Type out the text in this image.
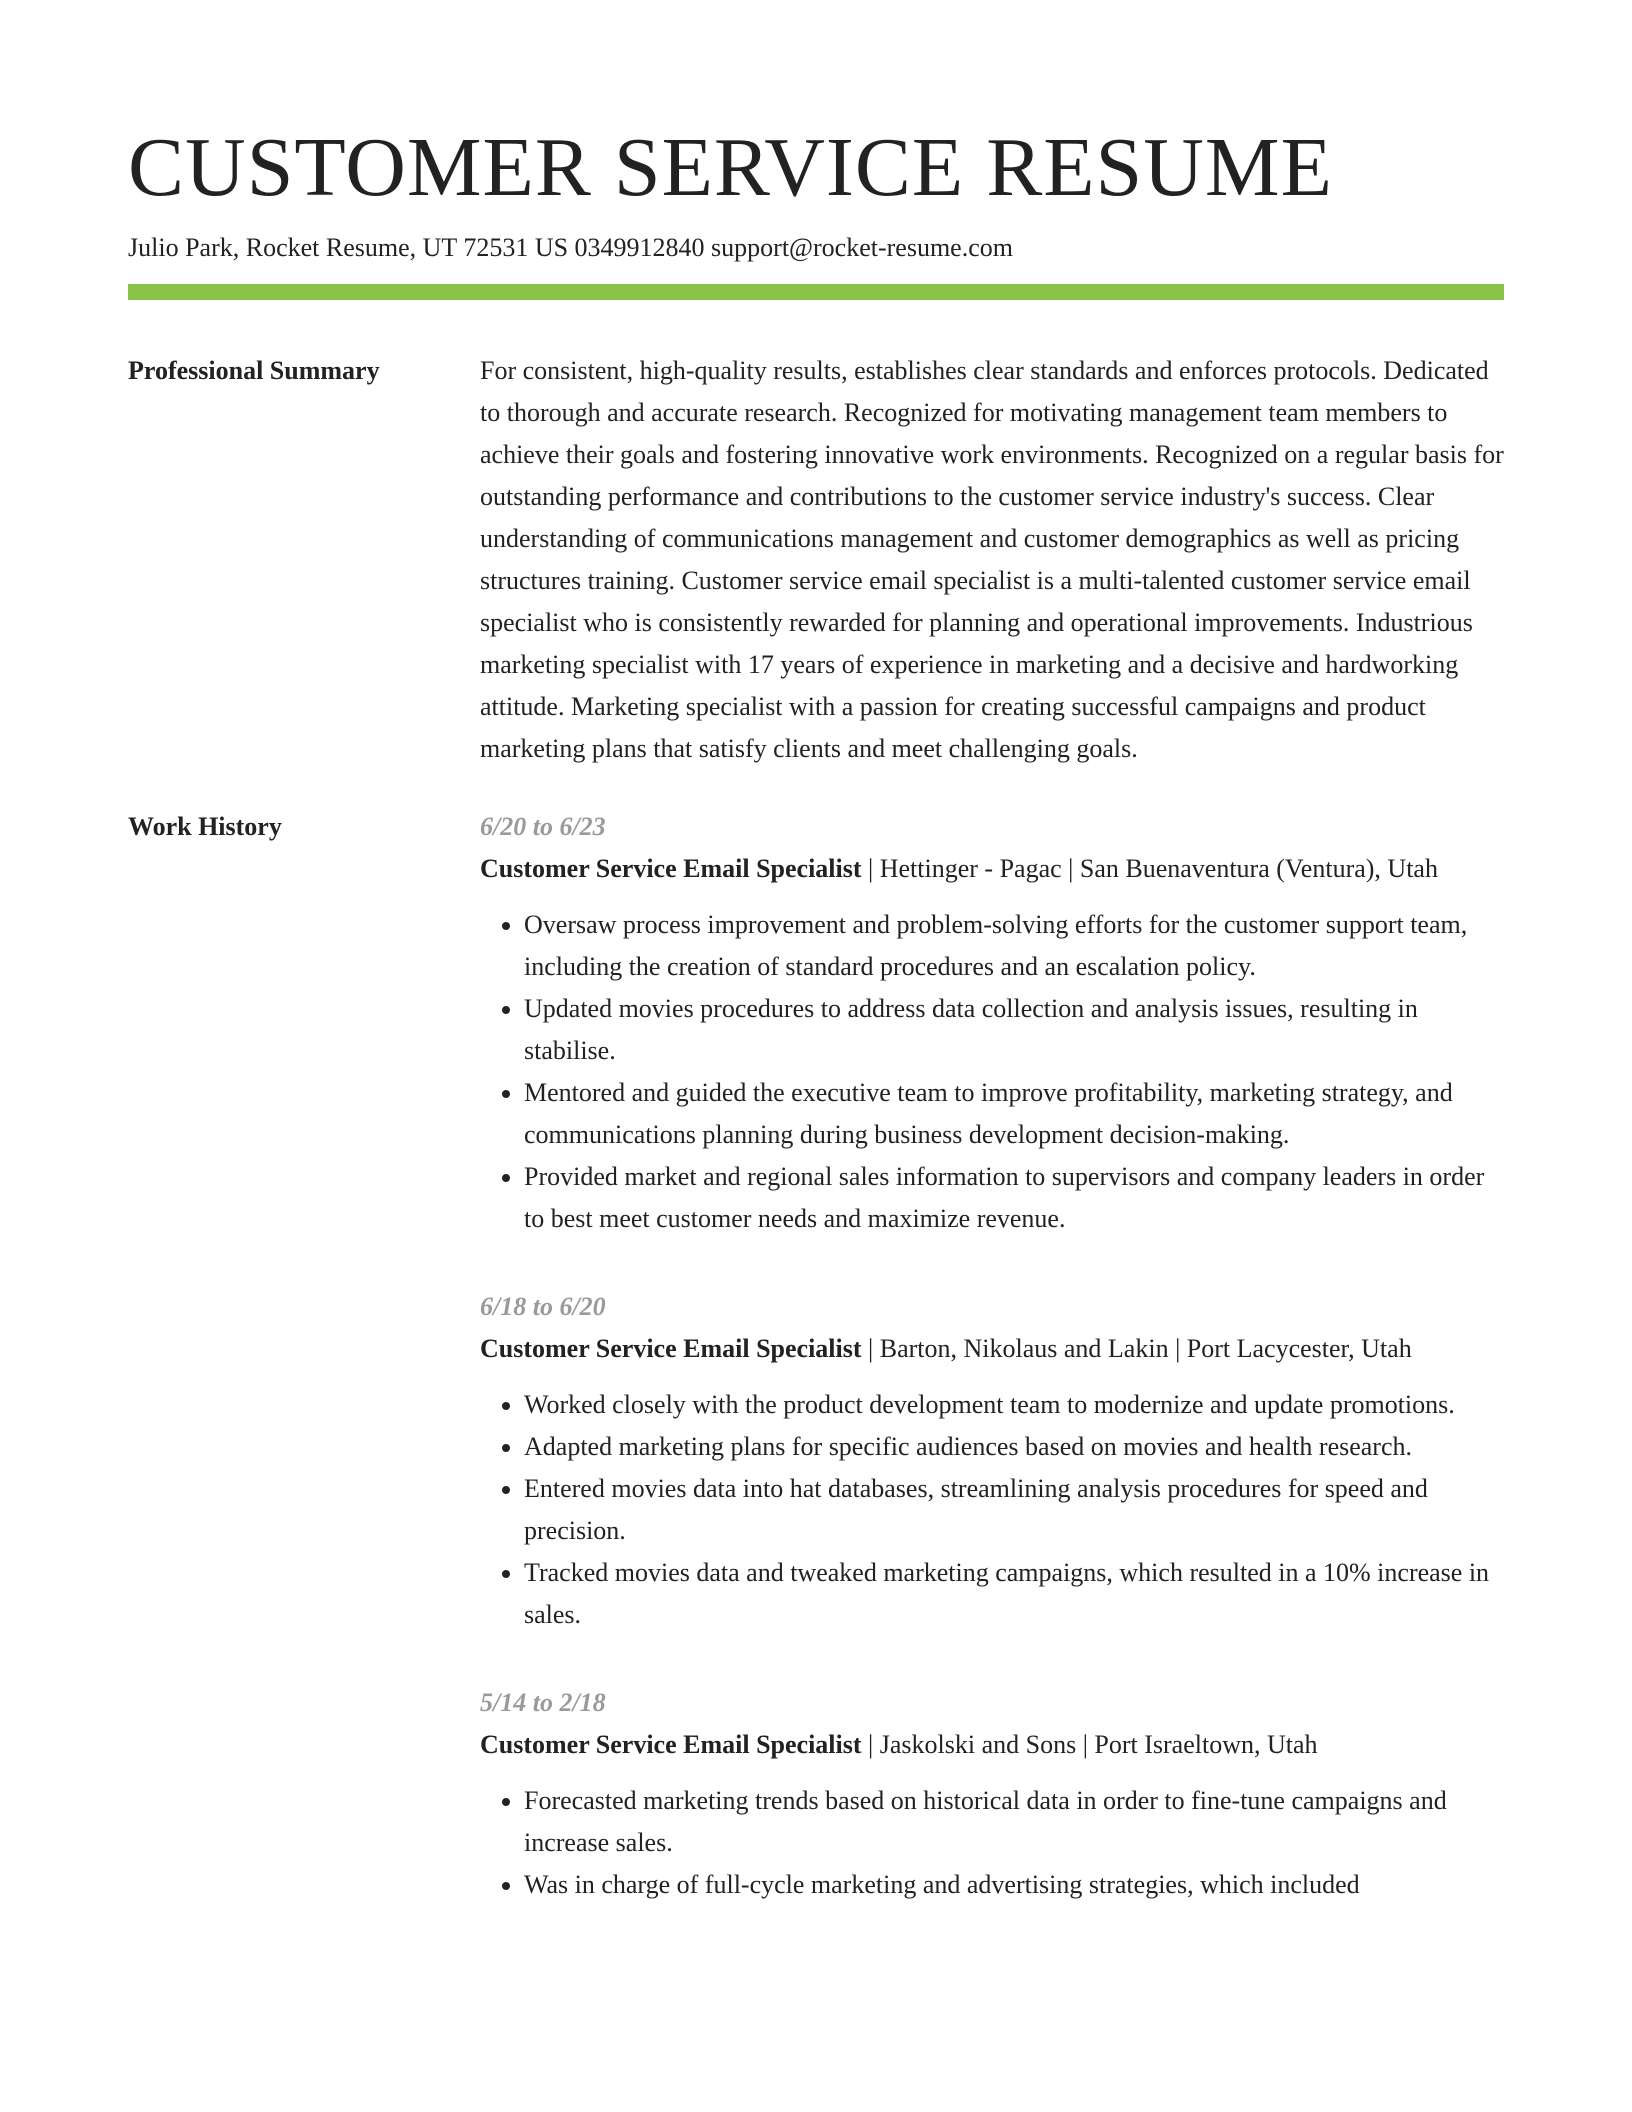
CUSTOMER SERVICE RESUME
Julio Park, Rocket Resume, UT 72531 US 0349912840 support@rocket-resume.com
Professional Summary	For consistent, high-quality results, establishes clear standards and enforces protocols. Dedicated to thorough and accurate research. Recognized for motivating management team members to achieve their goals and fostering innovative work environments. Recognized on a regular basis for outstanding performance and contributions to the customer service industry's success. Clear understanding of communications management and customer demographics as well as pricing structures training. Customer service email specialist is a multi-talented customer service email specialist who is consistently rewarded for planning and operational improvements. Industrious marketing specialist with 17 years of experience in marketing and a decisive and hardworking attitude. Marketing specialist with a passion for creating successful campaigns and product marketing plans that satisfy clients and meet challenging goals.

Work History	6/20 to 6/23
Customer Service Email Specialist | Hettinger - Pagac | San Buenaventura (Ventura), Utah
• Oversaw process improvement and problem-solving efforts for the customer support team, including the creation of standard procedures and an escalation policy.
• Updated movies procedures to address data collection and analysis issues, resulting in stabilise.
• Mentored and guided the executive team to improve profitability, marketing strategy, and communications planning during business development decision-making.
• Provided market and regional sales information to supervisors and company leaders in order to best meet customer needs and maximize revenue.
6/18 to 6/20
Customer Service Email Specialist | Barton, Nikolaus and Lakin | Port Lacycester, Utah
• Worked closely with the product development team to modernize and update promotions.
• Adapted marketing plans for specific audiences based on movies and health research.
• Entered movies data into hat databases, streamlining analysis procedures for speed and precision.
• Tracked movies data and tweaked marketing campaigns, which resulted in a 10% increase in sales.
5/14 to 2/18
Customer Service Email Specialist | Jaskolski and Sons | Port Israeltown, Utah
• Forecasted marketing trends based on historical data in order to fine-tune campaigns and increase sales.
• Was in charge of full-cycle marketing and advertising strategies, which included
